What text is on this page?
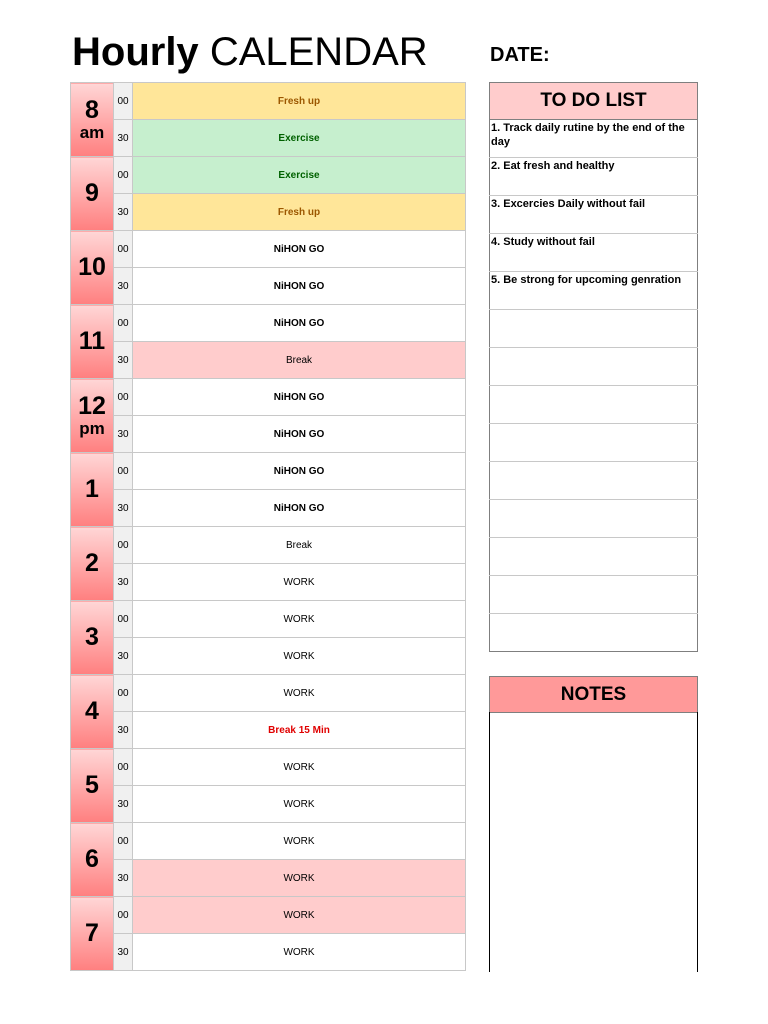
Hourly CALENDAR	DATE:
8
am	00	Fresh up
	30	Exercise

9	00	Exercise
	30	Fresh up

10	00	NiHON GO
	30	NiHON GO

11	00	NiHON GO
	30	Break

12
pm	00	NiHON GO
	30	NiHON GO

1	00	NiHON GO
	30	NiHON GO

2	00	Break
	30	WORK

3	00	WORK
	30	WORK

4	00	WORK
	30	Break 15 Min

5	00	WORK
	30	WORK

6	00	WORK
	30	WORK

7	00	WORK
	30	WORK
TO DO LIST
1. Track daily rutine by the end of the day
2. Eat fresh and healthy
3. Excercies Daily without fail
4. Study without fail
5. Be strong for upcoming genration

NOTES
